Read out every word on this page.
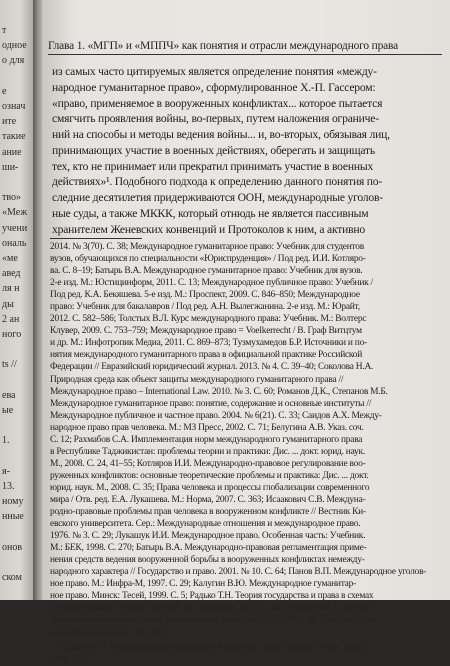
т
одное
о для
е
означ
ите
такие
ание
ши-
тво»
«Меж
учени
ональ
«ме
авед
ля н
ды
2 ан
ного
ts //
ева
ые
1.
я-
13.
ному
нные
онов
ском
Глава 1. «МГП» и «МППЧ» как понятия и отрасли международного права
из самых часто цитируемых является определение понятия «между-
народное гуманитарное право», сформулированное Х.-П. Гассером:
«право, применяемое в вооруженных конфликтах... которое пытается
смягчить проявления войны, во-первых, путем наложения ограниче-
ний на способы и методы ведения войны... и, во-вторых, обязывая лиц,
принимающих участие в военных действиях, оберегать и защищать
тех, кто не принимает или прекратил принимать участие в военных
действиях»¹. Подобного подхода к определению данного понятия по-
следние десятилетия придерживаются ООН, международные уголов-
ные суды, а также МККК, который отнюдь не является пассивным
хранителем Женевских конвенций и Протоколов к ним, а активно
2014. № 3(70). С. 38; Международное гуманитарное право: Учебник для студентов
вузов, обучающихся по специальности «Юриспруденция» / Под ред. И.И. Котляро-
ва. С. 8–19; Батырь В.А. Международное гуманитарное право: Учебник для вузов.
2-е изд. М.: Юстицинформ, 2011. С. 13; Международное публичное право: Учебник /
Под ред. К.А. Бекяшева. 5-е изд. М.: Проспект, 2009. С. 846–850; Международное
право: Учебник для бакалавров / Под ред. А.Н. Вылегжанина. 2-е изд. М.: Юрайт,
2012. С. 582–586; Толстых В.Л. Курс международного права: Учебник. М.: Волтерс
Клувер, 2009. С. 753–759; Международное право = Voelkerrecht / В. Граф Витцтум
и др. М.: Инфотропик Медиа, 2011. С. 869–873; Тузмухамедов Б.Р. Источники и по-
нятия международного гуманитарного права в официальной практике Российской
Федерации // Евразийский юридический журнал. 2013. № 4. С. 39–40; Соколова Н.А.
Природная среда как объект защиты международного гуманитарного права //
Международное право – International Law. 2010. № 3. С. 60; Романов Д.К., Степанов М.Б.
Международное гуманитарное право: понятие, содержание и основные институты //
Международное публичное и частное право. 2004. № 6(21). С. 33; Саидов А.Х. Между-
народное право прав человека. М.: МЗ Пресс, 2002. С. 71; Белугина А.В. Указ. соч.
С. 12; Рахмабов С.А. Имплементация норм международного гуманитарного права
в Республике Таджикистан: проблемы теории и практики: Дис. ... докт. юрид. наук.
М., 2008. С. 24, 41–55; Котляров И.И. Международно-правовое регулирование воо-
руженных конфликтов: основные теоретические проблемы и практика: Дис. ... докт.
юрид. наук. М., 2008. С. 35; Права человека и процессы глобализации современного
мира / Отв. ред. Е.А. Лукашева. М.: Норма, 2007. С. 363; Исаакович С.В. Междуна-
родно-правовые проблемы прав человека в вооруженном конфликте // Вестник Ки-
евского университета. Сер.: Международные отношения и международное право.
1976. № 3. С. 29; Лукашук И.И. Международное право. Особенная часть: Учебник.
М.: БЕК, 1998. С. 270; Батырь В.А. Международно-правовая регламентация приме-
нения средств ведения вооруженной борьбы в вооруженных конфликтах немежду-
народного характера // Государство и право. 2001. № 10. С. 64; Панов В.П. Международное уголов-
ное право. М.: Инфра-М, 1997. С. 29; Калугин В.Ю. Международное гуманитар-
ное право. Минск: Тесей, 1999. С. 5; Радько Т.Н. Теория государства и права в схемах
и определениях: Учебное пособие. М.: Проспект, 2015. С. 103; Бородин И.А. Научно-
практический комментарий к Федеральному закону от 27.05.1998 г. № 76-ФЗ «О стату-
се военнослужащих». М., 2011.
$^1$ Gasser H.-P. Einführung in das humanitäre Völkerrecht. Bern; Stuttgart; Wien: Haupt,
1991. S. 7.
